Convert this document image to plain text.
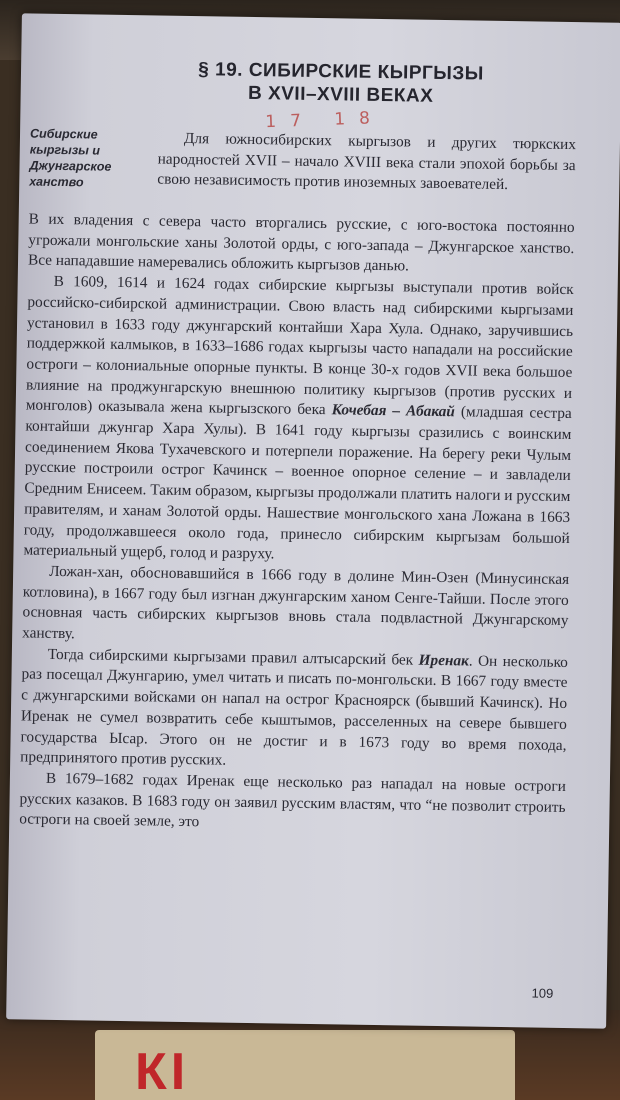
КІ
§ 19. СИБИРСКИЕ КЫРГЫЗЫ
В XVII–XVIII ВЕКАХ
17 18
Сибирские кыргызы и Джунгарское ханство

Для южносибирских кыргызов и других тюркских народностей XVII – начало XVIII века стали эпохой борьбы за свою независимость против иноземных завоевателей.

В их владения с севера часто вторгались русские, с юго-востока постоянно угрожали монгольские ханы Золотой орды, с юго-запада – Джунгарское ханство. Все нападавшие намеревались обложить кыргызов данью.

В 1609, 1614 и 1624 годах сибирские кыргызы выступали против войск российско-сибирской администрации. Свою власть над сибирскими кыргызами установил в 1633 году джунгарский контайши Хара Хула. Однако, заручившись поддержкой калмыков, в 1633–1686 годах кыргызы часто нападали на российские остроги – колониальные опорные пункты. В конце 30-х годов XVII века большое влияние на проджунгарскую внешнюю политику кыргызов (против русских и монголов) оказывала жена кыргызского бека Кочебая – Абакай (младшая сестра контайши джунгар Хара Хулы). В 1641 году кыргызы сразились с воинским соединением Якова Тухачевского и потерпели поражение. На берегу реки Чулым русские построили острог Качинск – военное опорное селение – и завладели Средним Енисеем. Таким образом, кыргызы продолжали платить налоги и русским правителям, и ханам Золотой орды. Нашествие монгольского хана Ложана в 1663 году, продолжавшееся около года, принесло сибирским кыргызам большой материальный ущерб, голод и разруху.

Ложан-хан, обосновавшийся в 1666 году в долине Мин-Озен (Минусинская котловина), в 1667 году был изгнан джунгарским ханом Сенге-Тайши. После этого основная часть сибирских кыргызов вновь стала подвластной Джунгарскому ханству.

Тогда сибирскими кыргызами правил алтысарский бек Иренак. Он несколько раз посещал Джунгарию, умел читать и писать по-монгольски. В 1667 году вместе с джунгарскими войсками он напал на острог Красноярск (бывший Качинск). Но Иренак не сумел возвратить себе кыштымов, расселенных на севере бывшего государства Ысар. Этого он не достиг и в 1673 году во время похода, предпринятого против русских.

В 1679–1682 годах Иренак еще несколько раз нападал на новые остроги русских казаков. В 1683 году он заявил русским властям, что “не позволит строить остроги на своей земле, это

109
